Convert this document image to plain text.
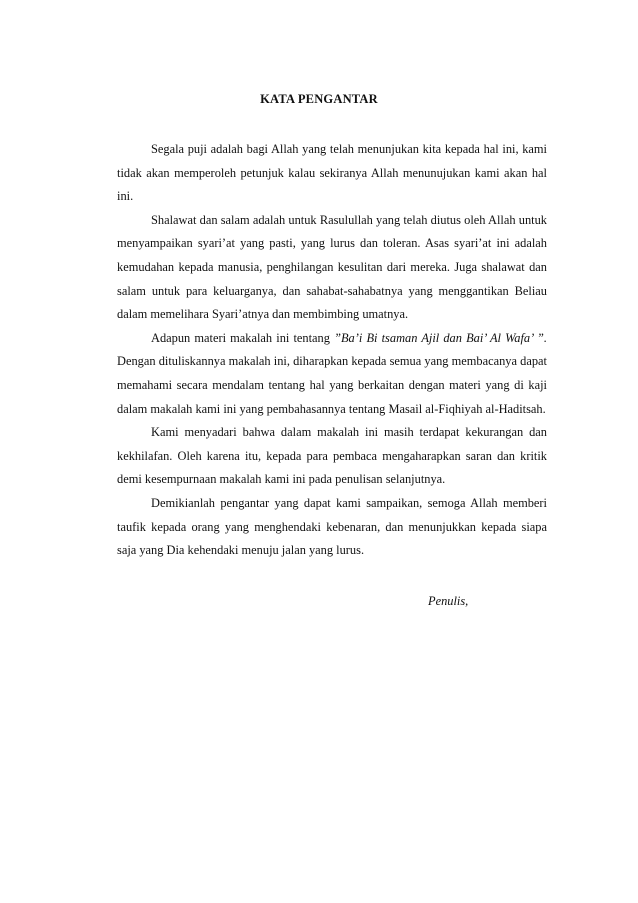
KATA PENGANTAR

Segala puji adalah bagi Allah yang telah menunjukan kita kepada hal ini, kami tidak akan memperoleh petunjuk kalau sekiranya Allah menunujukan kami akan hal ini.

Shalawat dan salam adalah untuk Rasulullah yang telah diutus oleh Allah untuk menyampaikan syari’at yang pasti, yang lurus dan toleran. Asas syari’at ini adalah kemudahan kepada manusia, penghilangan kesulitan dari mereka. Juga shalawat dan salam untuk para keluarganya, dan sahabat-sahabatnya yang menggantikan Beliau dalam memelihara Syari’atnya dan membimbing umatnya.

Adapun materi makalah ini tentang ”Ba’i Bi tsaman Ajil dan Bai’ Al Wafa’ ”. Dengan dituliskannya makalah ini, diharapkan kepada semua yang membacanya dapat memahami secara mendalam tentang hal yang berkaitan dengan materi yang di kaji dalam makalah kami ini yang pembahasannya tentang Masail al-Fiqhiyah al-Haditsah.

Kami menyadari bahwa dalam makalah ini masih terdapat kekurangan dan kekhilafan. Oleh karena itu, kepada para pembaca mengaharapkan saran dan kritik demi kesempurnaan makalah kami ini pada penulisan selanjutnya.

Demikianlah pengantar yang dapat kami sampaikan, semoga Allah memberi taufik kepada orang yang menghendaki kebenaran, dan menunjukkan kepada siapa saja yang Dia kehendaki menuju jalan yang lurus.

Penulis,
